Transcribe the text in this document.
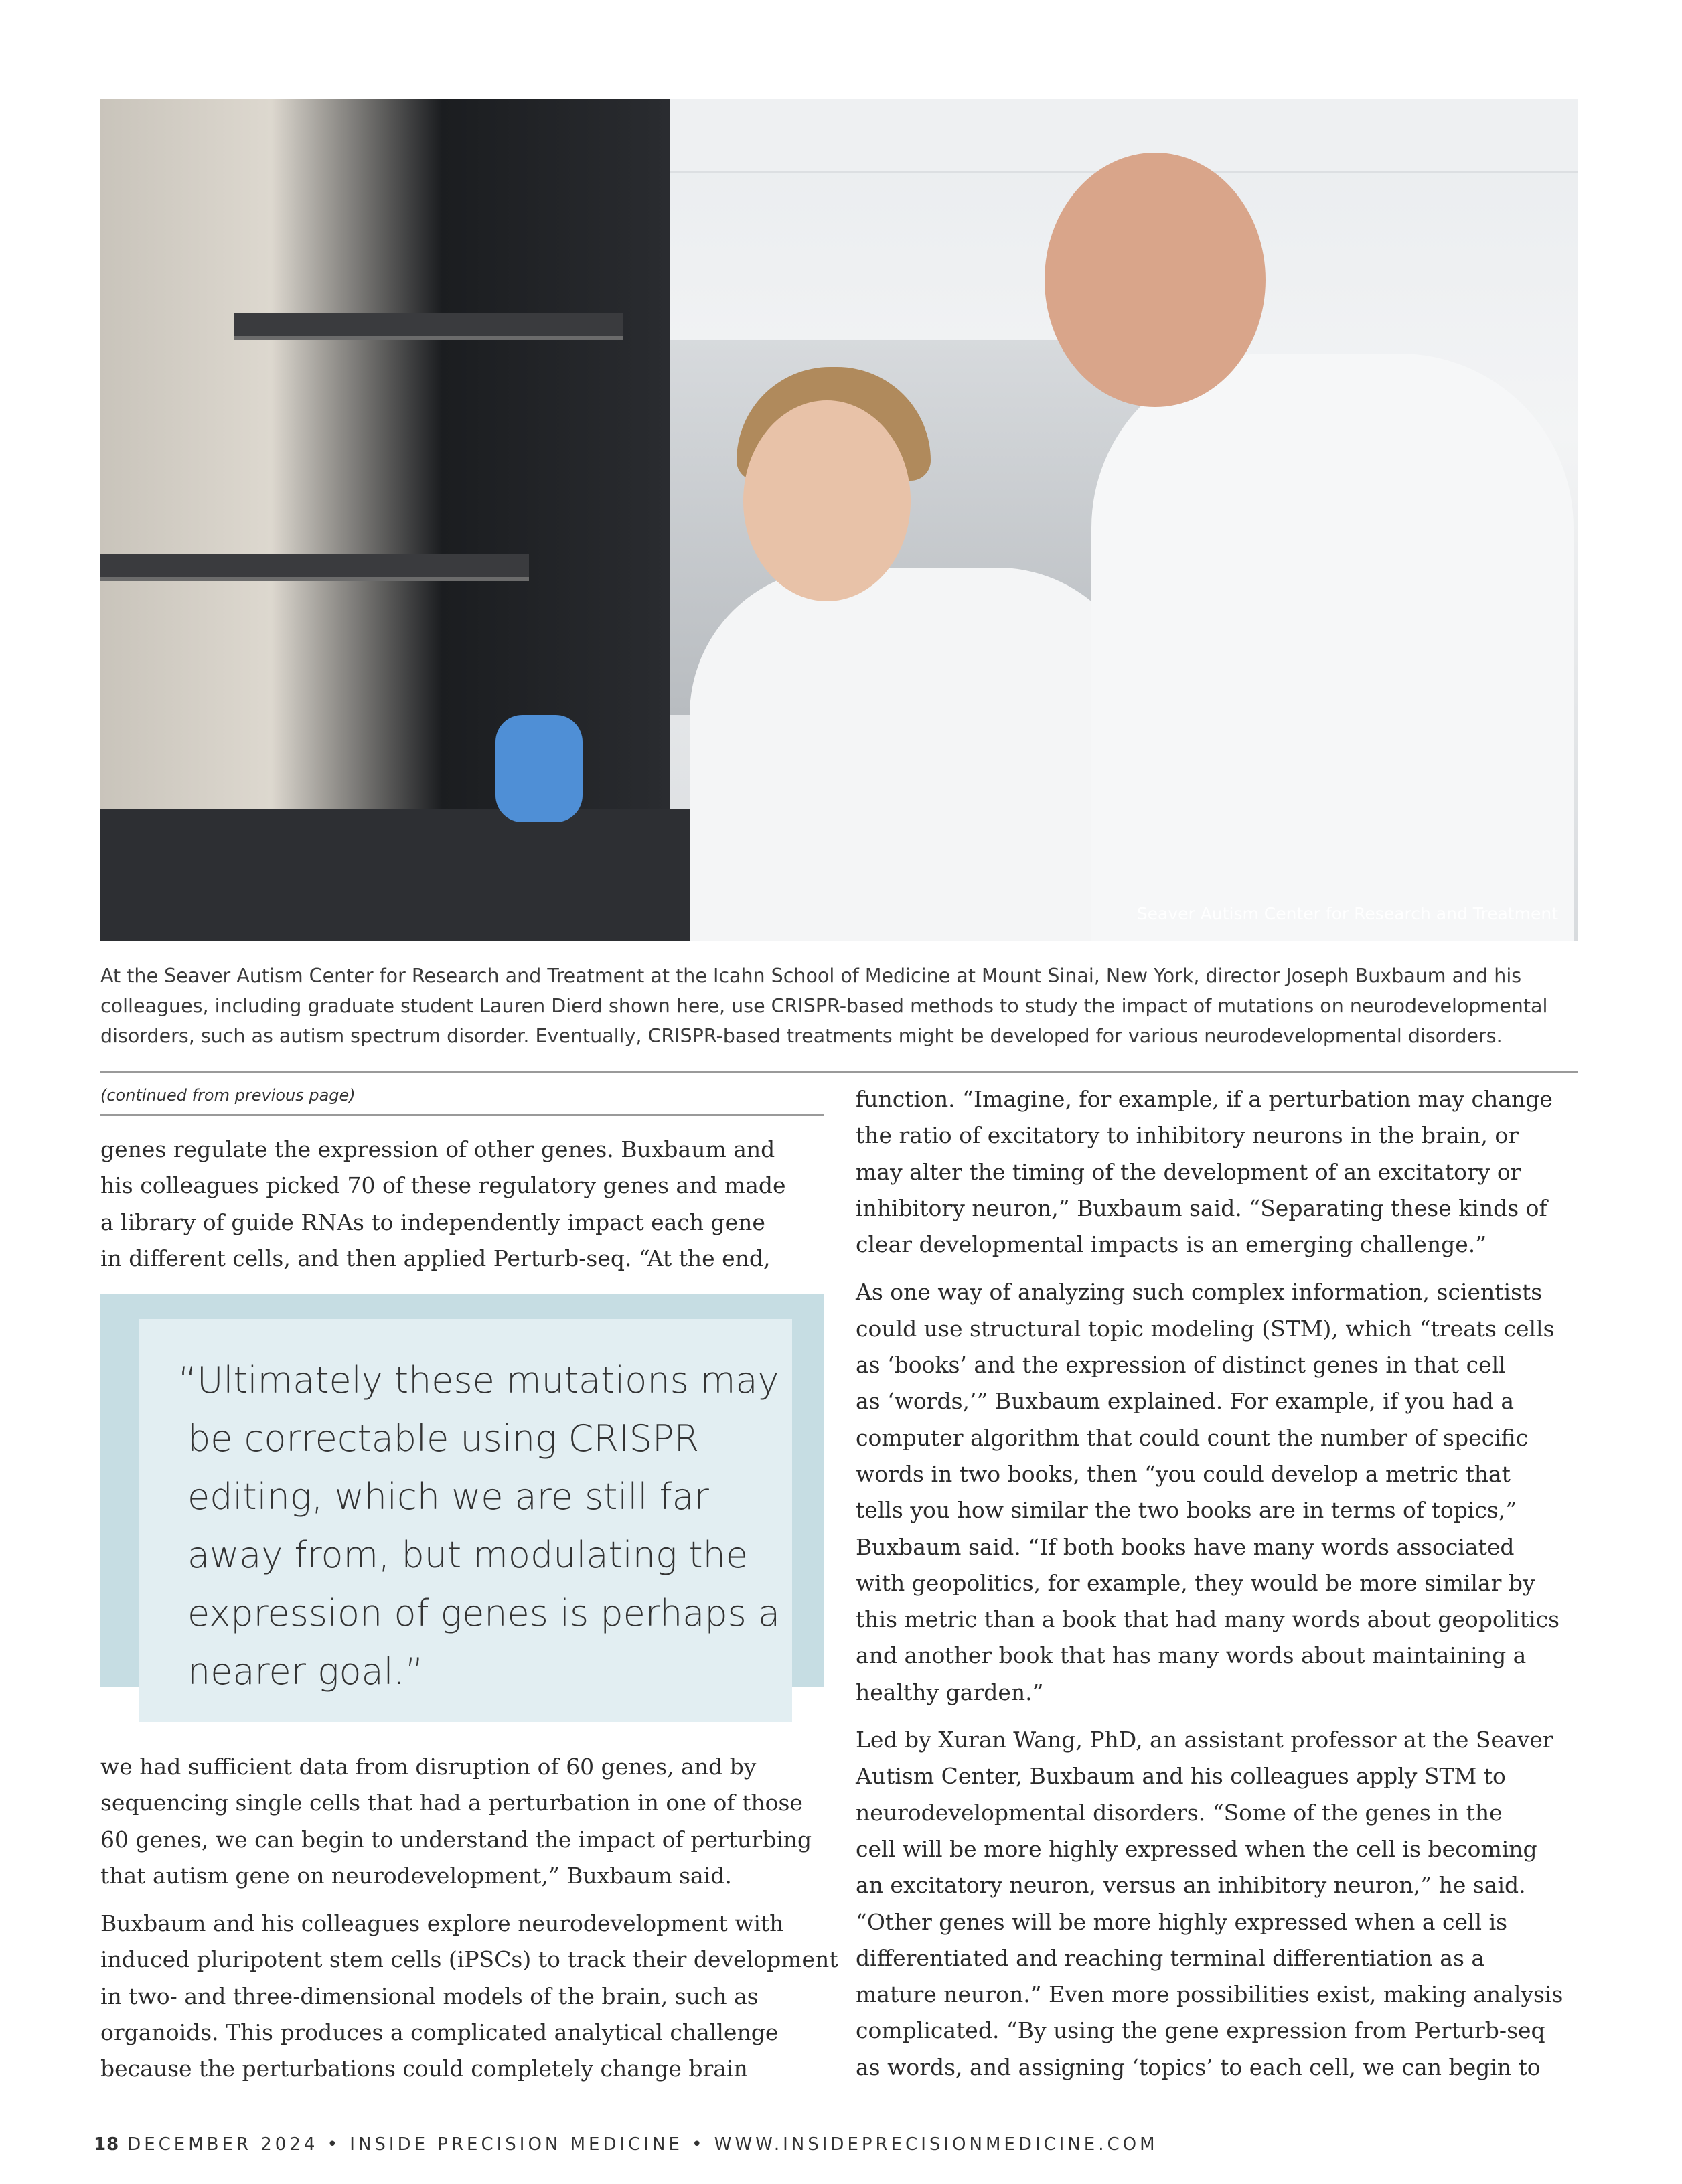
Seaver Autism Center for Research and Treatment
At the Seaver Autism Center for Research and Treatment at the Icahn School of Medicine at Mount Sinai, New York, director Joseph Buxbaum and his
colleagues, including graduate student Lauren Dierd shown here, use CRISPR-based methods to study the impact of mutations on neurodevelopmental
disorders, such as autism spectrum disorder. Eventually, CRISPR-based treatments might be developed for various neurodevelopmental disorders.
(continued from previous page)

genes regulate the expression of other genes. Buxbaum and
his colleagues picked 70 of these regulatory genes and made
a library of guide RNAs to independently impact each gene
in different cells, and then applied Perturb-seq. “At the end,

“Ultimately these mutations may
be correctable using CRISPR
editing, which we are still far
away from, but modulating the
expression of genes is perhaps a
nearer goal.”

we had sufficient data from disruption of 60 genes, and by
sequencing single cells that had a perturbation in one of those
60 genes, we can begin to understand the impact of perturbing
that autism gene on neurodevelopment,” Buxbaum said.

Buxbaum and his colleagues explore neurodevelopment with
induced pluripotent stem cells (iPSCs) to track their development
in two- and three-dimensional models of the brain, such as
organoids. This produces a complicated analytical challenge
because the perturbations could completely change brain

function. “Imagine, for example, if a perturbation may change
the ratio of excitatory to inhibitory neurons in the brain, or
may alter the timing of the development of an excitatory or
inhibitory neuron,” Buxbaum said. “Separating these kinds of
clear developmental impacts is an emerging challenge.”

As one way of analyzing such complex information, scientists
could use structural topic modeling (STM), which “treats cells
as ‘books’ and the expression of distinct genes in that cell
as ‘words,’” Buxbaum explained. For example, if you had a
computer algorithm that could count the number of specific
words in two books, then “you could develop a metric that
tells you how similar the two books are in terms of topics,”
Buxbaum said. “If both books have many words associated
with geopolitics, for example, they would be more similar by
this metric than a book that had many words about geopolitics
and another book that has many words about maintaining a
healthy garden.”

Led by Xuran Wang, PhD, an assistant professor at the Seaver
Autism Center, Buxbaum and his colleagues apply STM to
neurodevelopmental disorders. “Some of the genes in the
cell will be more highly expressed when the cell is becoming
an excitatory neuron, versus an inhibitory neuron,” he said.
“Other genes will be more highly expressed when a cell is
differentiated and reaching terminal differentiation as a
mature neuron.” Even more possibilities exist, making analysis
complicated. “By using the gene expression from Perturb-seq
as words, and assigning ‘topics’ to each cell, we can begin to

18 DECEMBER 2024 • INSIDE PRECISION MEDICINE • WWW.INSIDEPRECISIONMEDICINE.COM
